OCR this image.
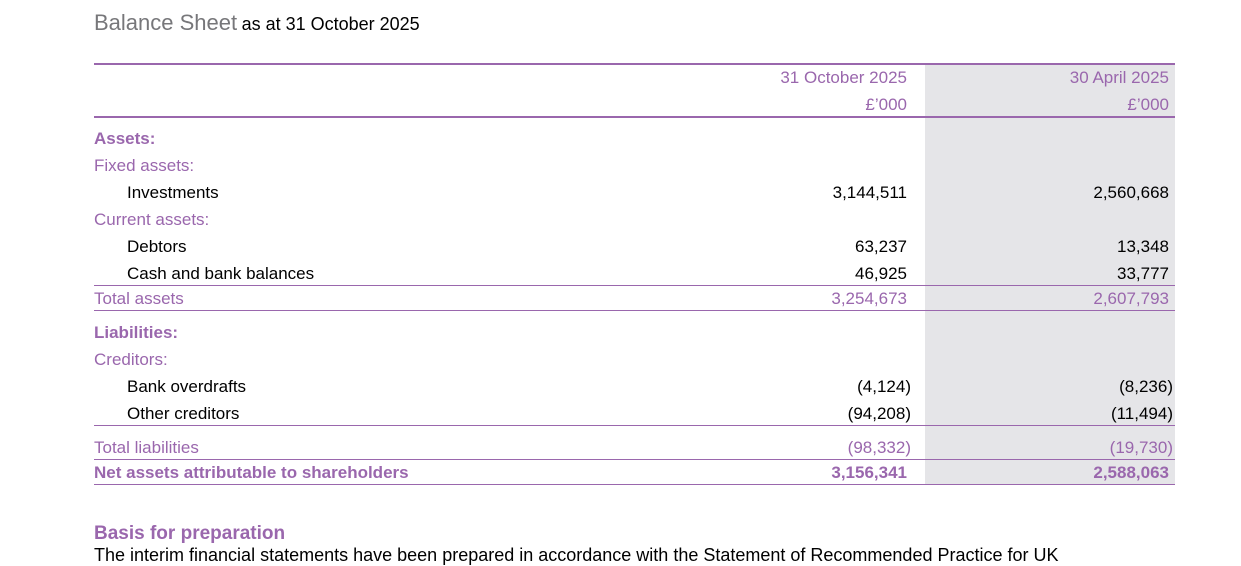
Balance Sheet as at 31 October 2025
31 October 2025	30 April 2025
£’000	£’000
Assets:
Fixed assets:
Investments	3,144,511	2,560,668
Current assets:
Debtors	63,237	13,348
Cash and bank balances	46,925	33,777
Total assets	3,254,673	2,607,793
Liabilities:
Creditors:
Bank overdrafts	(4,124)	(8,236)
Other creditors	(94,208)	(11,494)
Total liabilities	(98,332)	(19,730)
Net assets attributable to shareholders	3,156,341	2,588,063
Basis for preparation
The interim financial statements have been prepared in accordance with the Statement of Recommended Practice for UK
